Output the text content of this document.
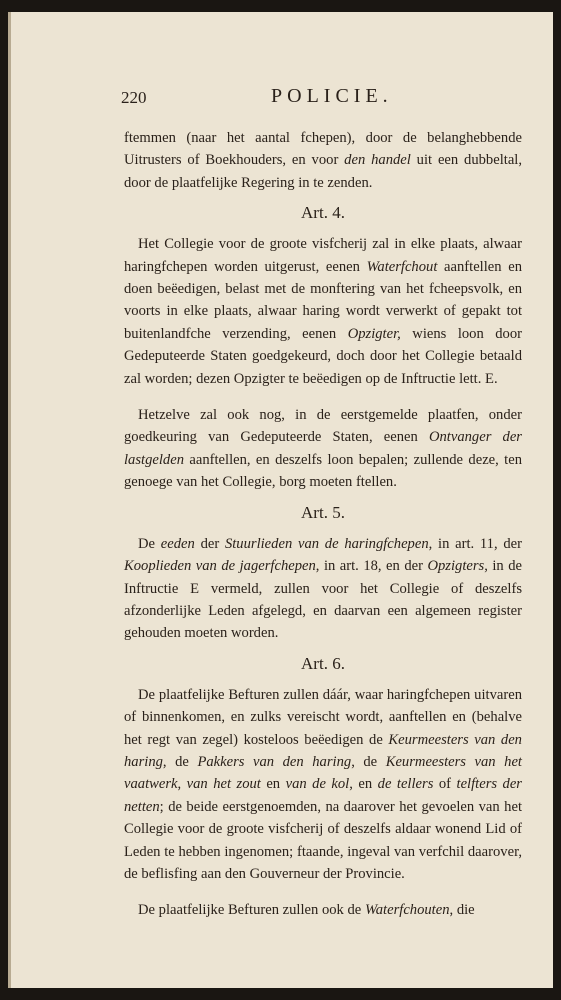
220	POLICIE.

ftemmen (naar het aantal fchepen), door de belanghebbende Uitrusters of Boekhouders, en voor den handel uit een dubbeltal, door de plaatfelijke Regering in te zenden.

Art. 4.

Het Collegie voor de groote visfcherij zal in elke plaats, alwaar haringfchepen worden uitgerust, eenen Waterfchout aanftellen en doen beëedigen, belast met de monftering van het fcheepsvolk, en voorts in elke plaats, alwaar haring wordt verwerkt of gepakt tot buitenlandfche verzending, eenen Opzigter, wiens loon door Gedeputeerde Staten goedgekeurd, doch door het Collegie betaald zal worden; dezen Opzigter te beëedigen op de Inftructie lett. E.

Hetzelve zal ook nog, in de eerstgemelde plaatfen, onder goedkeuring van Gedeputeerde Staten, eenen Ontvanger der lastgelden aanftellen, en deszelfs loon bepalen; zullende deze, ten genoege van het Collegie, borg moeten ftellen.

Art. 5.

De eeden der Stuurlieden van de haringfchepen, in art. 11, der Kooplieden van de jagerfchepen, in art. 18, en der Opzigters, in de Inftructie E vermeld, zullen voor het Collegie of deszelfs afzonderlijke Leden afgelegd, en daarvan een algemeen register gehouden moeten worden.

Art. 6.

De plaatfelijke Befturen zullen dáár, waar haringfchepen uitvaren of binnenkomen, en zulks vereischt wordt, aanftellen en (behalve het regt van zegel) kosteloos beëedigen de Keurmeesters van den haring, de Pakkers van den haring, de Keurmeesters van het vaatwerk, van het zout en van de kol, en de tellers of telfters der netten; de beide eerstgenoemden, na daarover het gevoelen van het Collegie voor de groote visfcherij of deszelfs aldaar wonend Lid of Leden te hebben ingenomen; ftaande, ingeval van verfchil daarover, de beflisfing aan den Gouverneur der Provincie.

De plaatfelijke Befturen zullen ook de Waterfchouten, die
